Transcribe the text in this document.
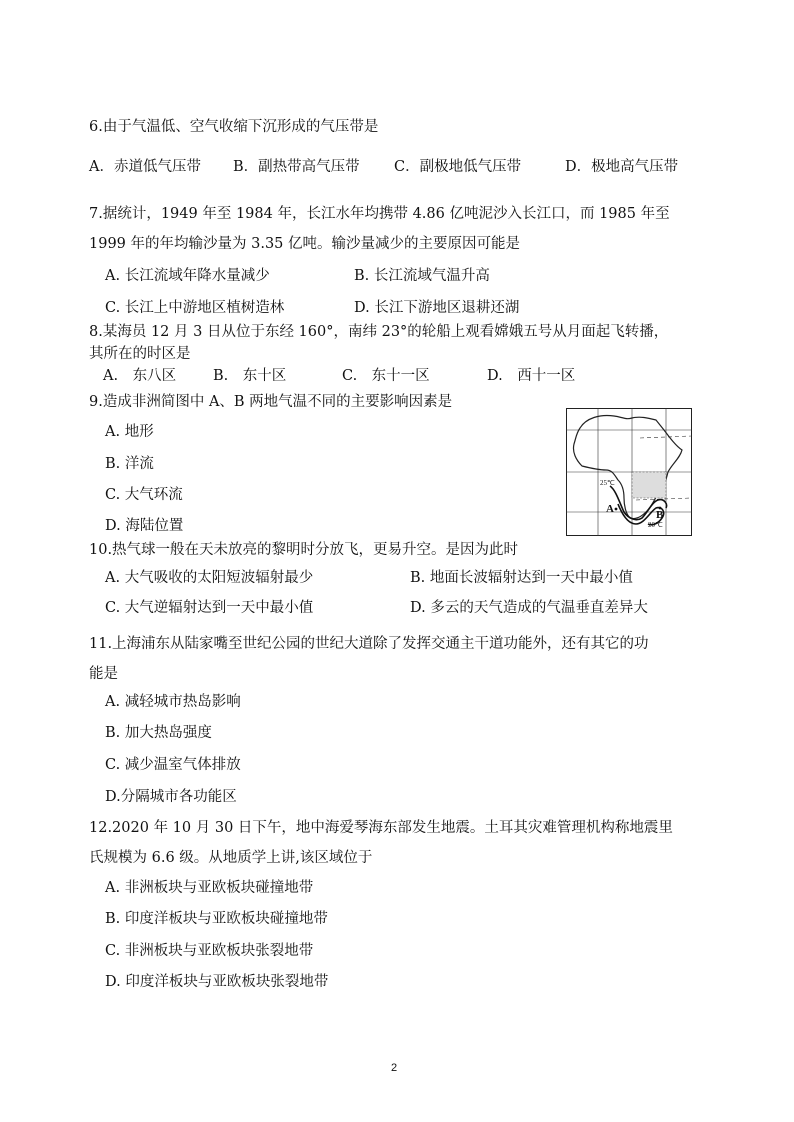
6.由于气温低、空气收缩下沉形成的气压带是
A．赤道低气压带 B．副热带高气压带 C．副极地低气压带	D．极地高气压带
7.据统计，1949 年至 1984 年，长江水年均携带 4.86 亿吨泥沙入长江口，而 1985 年至
1999 年的年均输沙量为 3.35 亿吨。输沙量减少的主要原因可能是
A. 长江流域年降水量减少	B. 长江流域气温升高
C. 长江上中游地区植树造林	D. 长江下游地区退耕还湖
8.某海员 12 月 3 日从位于东经 160°，南纬 23°的轮船上观看嫦娥五号从月面起飞转播，
其所在的时区是
A.　东八区	B.　东十区	C.　东十一区	D.　西十一区
9.造成非洲简图中 A、B 两地气温不同的主要影响因素是
A. 地形
B. 洋流
C. 大气环流
D. 海陆位置
25℃
20℃
A	B
10.热气球一般在天未放亮的黎明时分放飞，更易升空。是因为此时
A. 大气吸收的太阳短波辐射最少	B. 地面长波辐射达到一天中最小值
C. 大气逆辐射达到一天中最小值	D. 多云的天气造成的气温垂直差异大
11.上海浦东从陆家嘴至世纪公园的世纪大道除了发挥交通主干道功能外，还有其它的功
能是
A. 减轻城市热岛影响
B. 加大热岛强度
C. 减少温室气体排放
D.分隔城市各功能区
12.2020 年 10 月 30 日下午，地中海爱琴海东部发生地震。土耳其灾难管理机构称地震里
氏规模为 6.6 级。从地质学上讲,该区域位于
A. 非洲板块与亚欧板块碰撞地带
B. 印度洋板块与亚欧板块碰撞地带
C. 非洲板块与亚欧板块张裂地带
D. 印度洋板块与亚欧板块张裂地带
2
